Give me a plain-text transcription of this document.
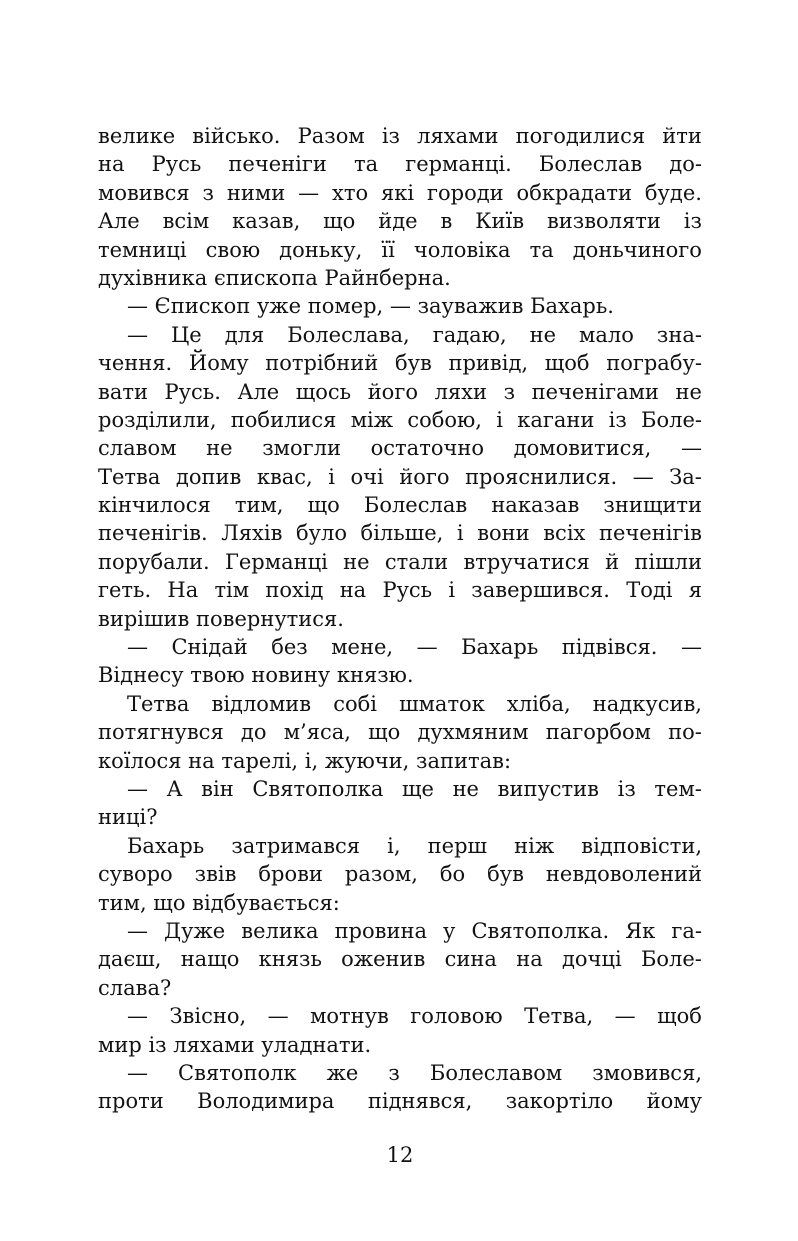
велике військо. Разом із ляхами погодилися йти
на Русь печеніги та германці. Болеслав до-
мовився з ними — хто які городи обкрадати буде.
Але всім казав, що йде в Київ визволяти із
темниці свою доньку, її чоловіка та доньчиного
духівника єпископа Райнберна.
— Єпископ уже помер, — зауважив Бахарь.
— Це для Болеслава, гадаю, не мало зна-
чення. Йому потрібний був привід, щоб пограбу-
вати Русь. Але щось його ляхи з печенігами не
розділили, побилися між собою, і кагани із Боле-
славом не змогли остаточно домовитися, —
Тетва допив квас, і очі його прояснилися. — За-
кінчилося тим, що Болеслав наказав знищити
печенігів. Ляхів було більше, і вони всіх печенігів
порубали. Германці не стали втручатися й пішли
геть. На тім похід на Русь і завершився. Тоді я
вирішив повернутися.
— Снідай без мене, — Бахарь підвівся. —
Віднесу твою новину князю.
Тетва відломив собі шматок хліба, надкусив,
потягнувся до м’яса, що духмяним пагорбом по-
коїлося на тарелі, і, жуючи, запитав:
— А він Святополка ще не випустив із тем-
ниці?
Бахарь затримався і, перш ніж відповісти,
суворо звів брови разом, бо був невдоволений
тим, що відбувається:
— Дуже велика провина у Святополка. Як га-
даєш, нащо князь оженив сина на дочці Боле-
слава?
— Звісно, — мотнув головою Тетва, — щоб
мир із ляхами уладнати.
— Святополк же з Болеславом змовився,
проти Володимира піднявся, закортіло йому
12
